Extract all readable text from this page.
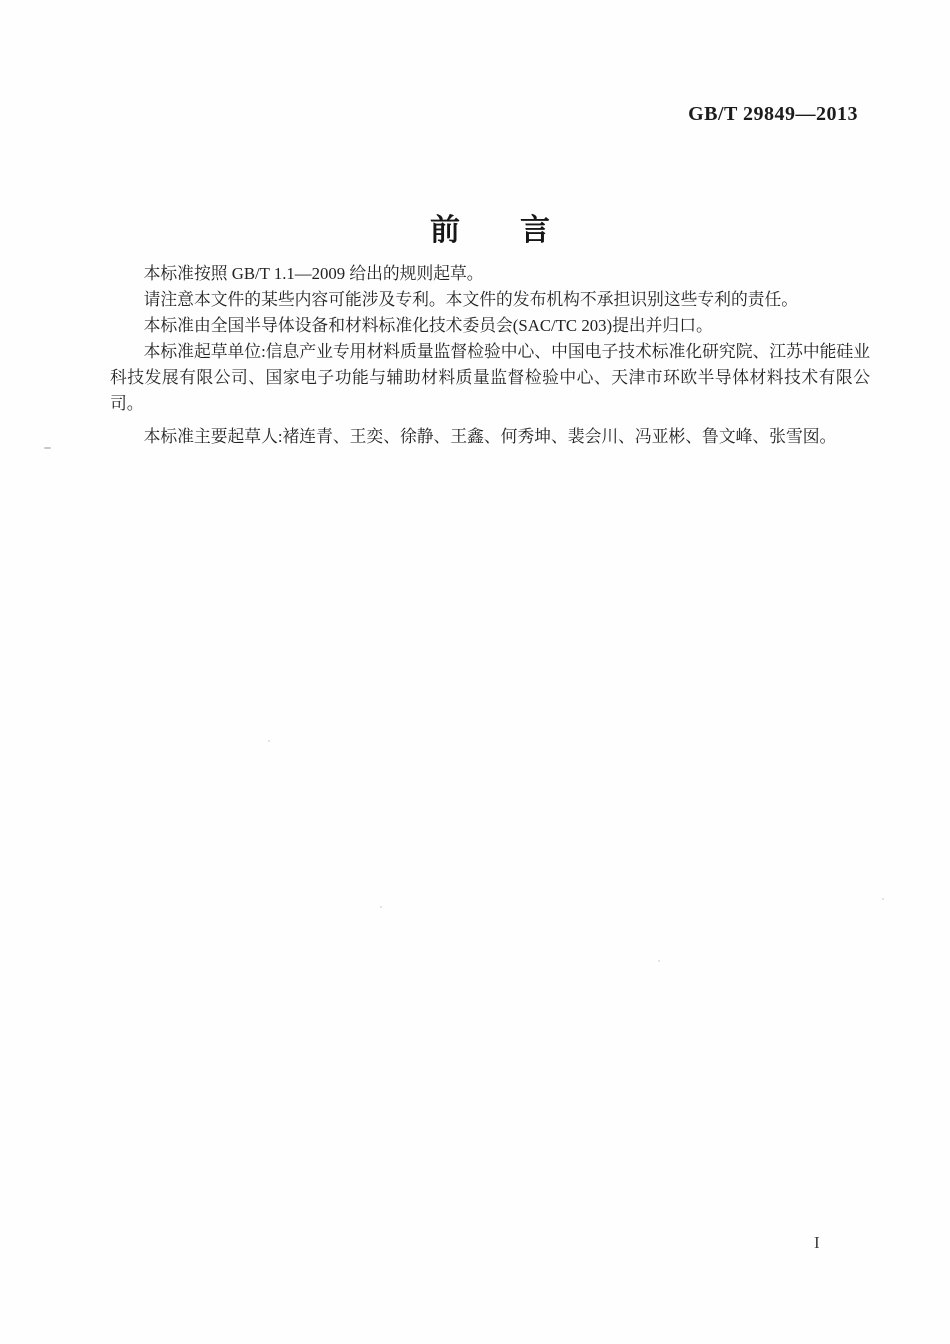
GB/T 29849—2013
前言

本标准按照 GB/T 1.1—2009 给出的规则起草。

请注意本文件的某些内容可能涉及专利。本文件的发布机构不承担识别这些专利的责任。

本标准由全国半导体设备和材料标准化技术委员会(SAC/TC 203)提出并归口。

本标准起草单位:信息产业专用材料质量监督检验中心、中国电子技术标准化研究院、江苏中能硅业科技发展有限公司、国家电子功能与辅助材料质量监督检验中心、天津市环欧半导体材料技术有限公司。

本标准主要起草人:褚连青、王奕、徐静、王鑫、何秀坤、裴会川、冯亚彬、鲁文峰、张雪囡。

I
